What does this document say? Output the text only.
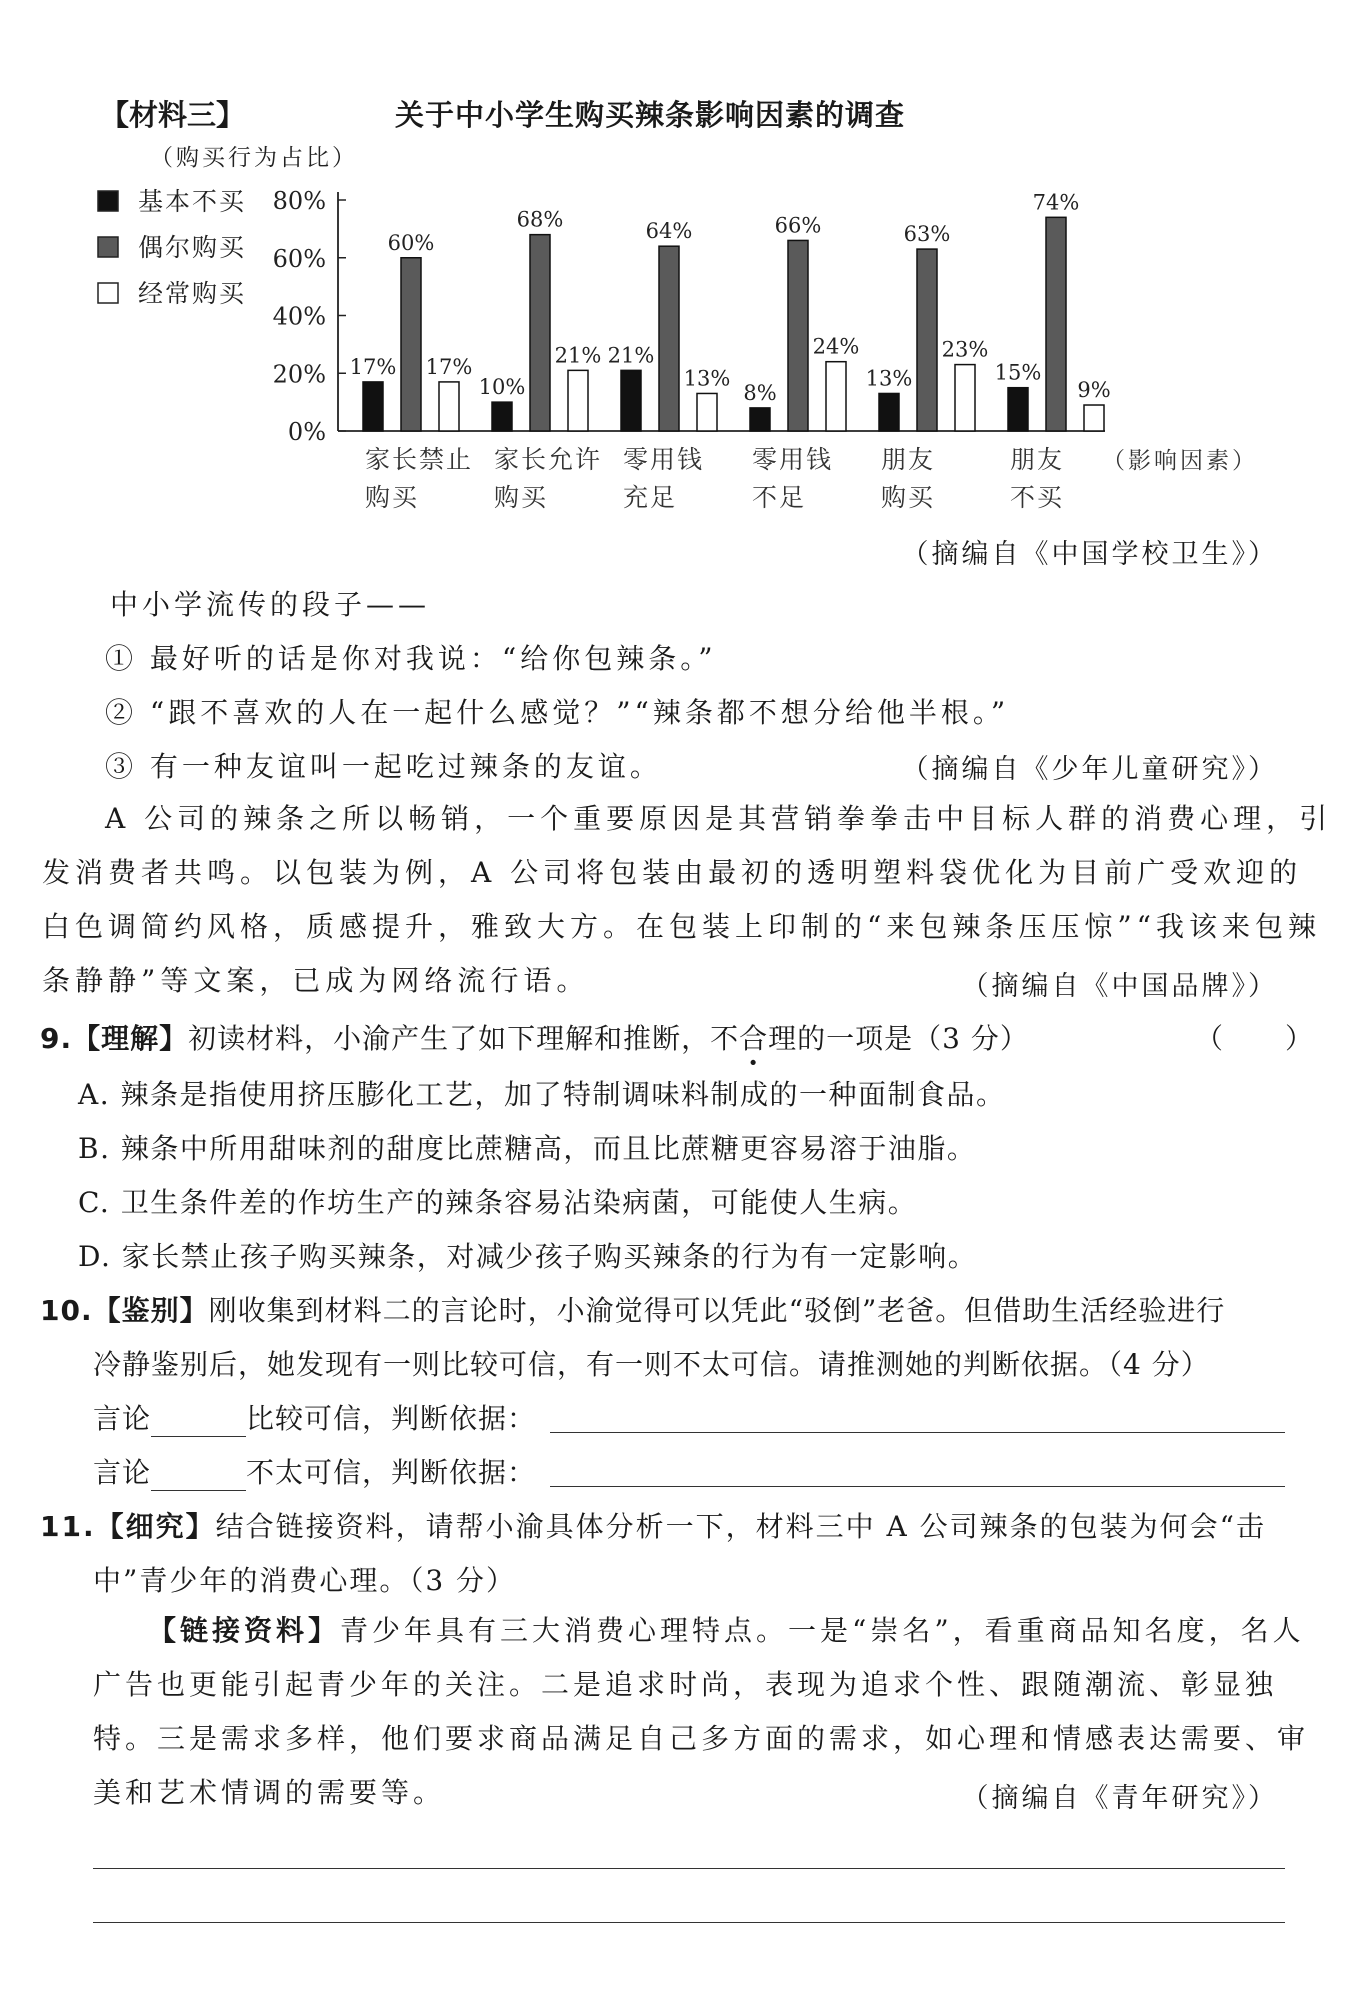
【材料三】	关于中小学生购买辣条影响因素的调查
0%
20%
40%
60%
80%
（购买行为占比）
基本不买
偶尔购买
经常购买
17%
60%
17%
家长禁止
购买
10%
68%
21%
家长允许
购买
21%
64%
13%
零用钱
充足
8%
66%
24%
零用钱
不足
13%
63%
23%
朋友
购买
15%
74%
9%
朋友
不买
（影响因素）
（摘编自《中国学校卫生》）
中小学流传的段子——
① 最好听的话是你对我说：“给你包辣条。”
② “跟不喜欢的人在一起什么感觉？”“辣条都不想分给他半根。”
③ 有一种友谊叫一起吃过辣条的友谊。	（摘编自《少年儿童研究》）
A 公司的辣条之所以畅销，一个重要原因是其营销拳拳击中目标人群的消费心理，引
发消费者共鸣。以包装为例，A 公司将包装由最初的透明塑料袋优化为目前广受欢迎的
白色调简约风格，质感提升，雅致大方。在包装上印制的“来包辣条压压惊”“我该来包辣
条静静”等文案，已成为网络流行语。	（摘编自《中国品牌》）
9.【理解】初读材料，小渝产生了如下理解和推断，不合理的一项是（3 分）	（　　）
A. 辣条是指使用挤压膨化工艺，加了特制调味料制成的一种面制食品。
B. 辣条中所用甜味剂的甜度比蔗糖高，而且比蔗糖更容易溶于油脂。
C. 卫生条件差的作坊生产的辣条容易沾染病菌，可能使人生病。
D. 家长禁止孩子购买辣条，对减少孩子购买辣条的行为有一定影响。
10.【鉴别】刚收集到材料二的言论时，小渝觉得可以凭此“驳倒”老爸。但借助生活经验进行
冷静鉴别后，她发现有一则比较可信，有一则不太可信。请推测她的判断依据。（4 分）
言论	比较可信，判断依据：
言论	不太可信，判断依据：
11.【细究】结合链接资料，请帮小渝具体分析一下，材料三中 A 公司辣条的包装为何会“击
中”青少年的消费心理。（3 分）
【链接资料】青少年具有三大消费心理特点。一是“崇名”，看重商品知名度，名人
广告也更能引起青少年的关注。二是追求时尚，表现为追求个性、跟随潮流、彰显独
特。三是需求多样，他们要求商品满足自己多方面的需求，如心理和情感表达需要、审
美和艺术情调的需要等。	（摘编自《青年研究》）
